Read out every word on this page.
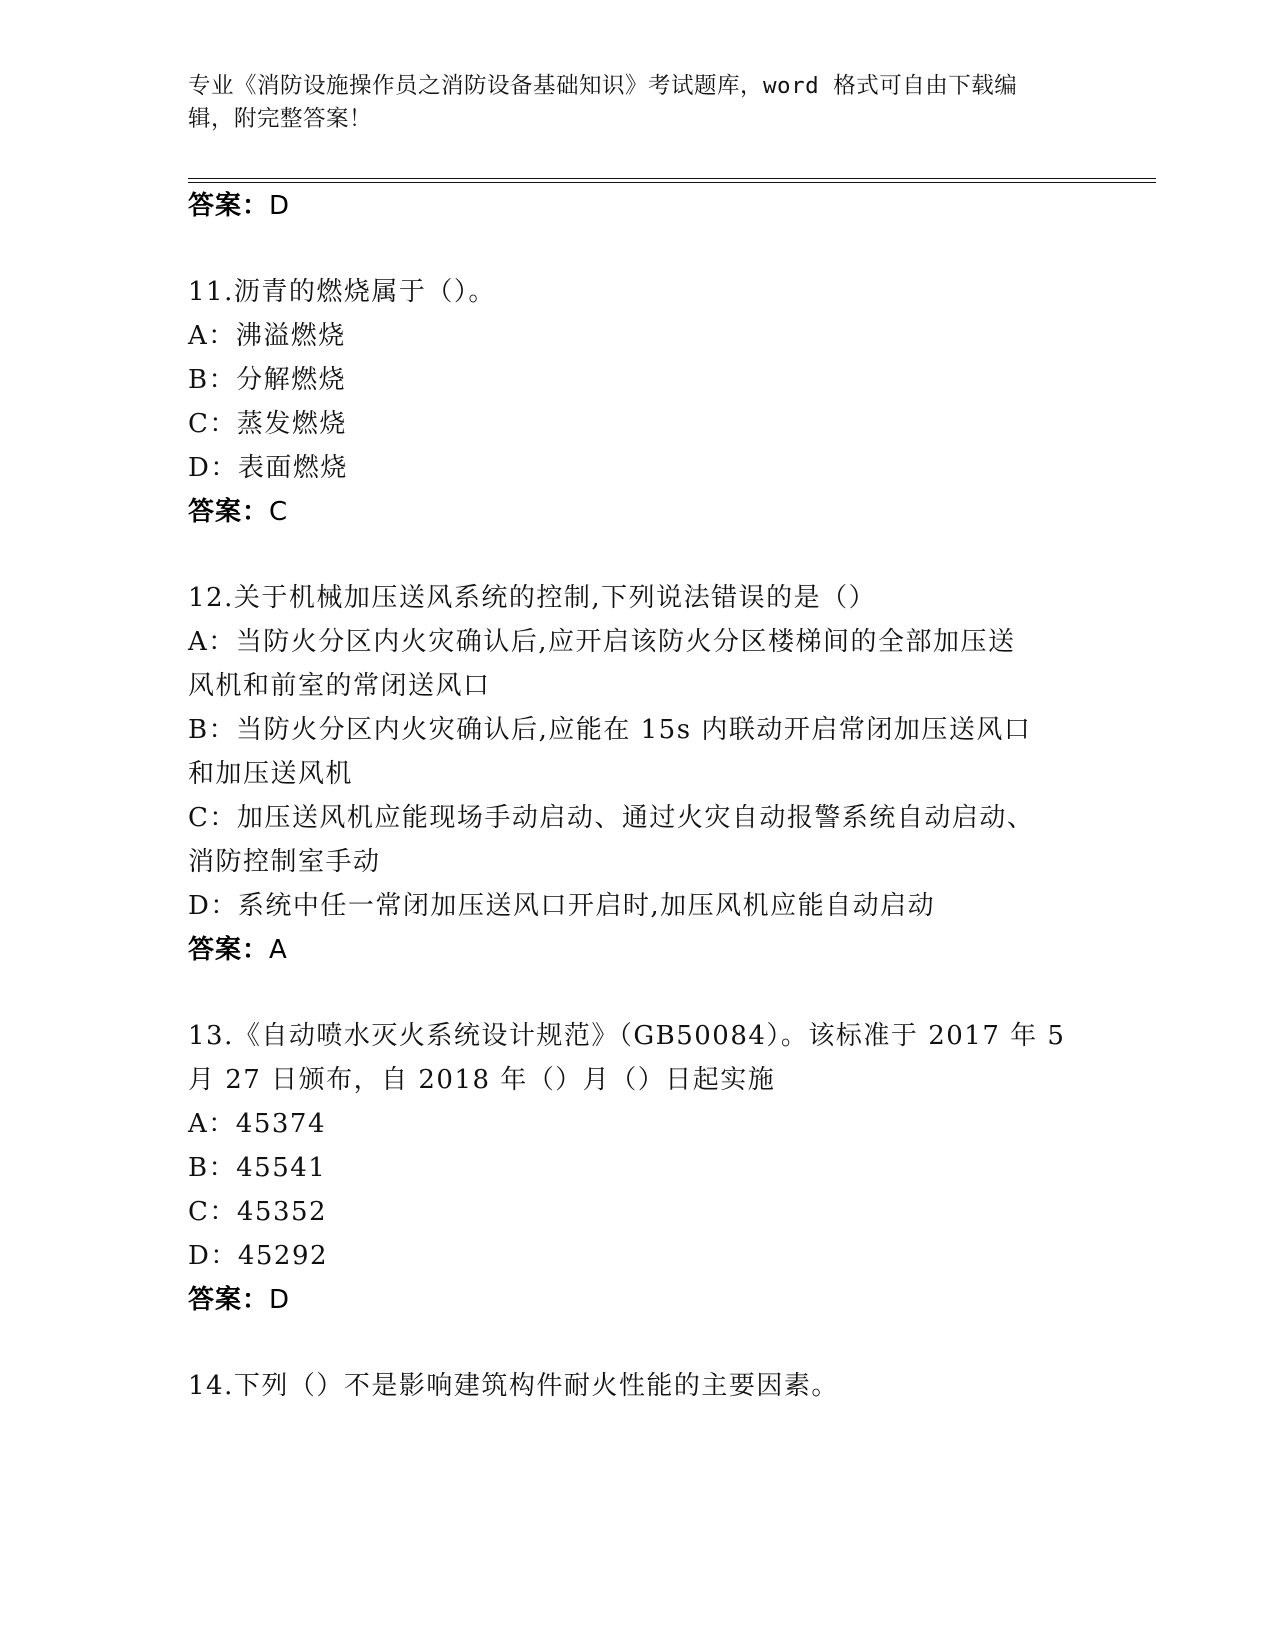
专业《消防设施操作员之消防设备基础知识》考试题库，word 格式可自由下载编
辑，附完整答案！
答案：D
11.沥青的燃烧属于（）。
A：沸溢燃烧
B：分解燃烧
C：蒸发燃烧
D：表面燃烧
答案：C
12.关于机械加压送风系统的控制,下列说法错误的是（）
A：当防火分区内火灾确认后,应开启该防火分区楼梯间的全部加压送
风机和前室的常闭送风口
B：当防火分区内火灾确认后,应能在 15s 内联动开启常闭加压送风口
和加压送风机
C：加压送风机应能现场手动启动、通过火灾自动报警系统自动启动、
消防控制室手动
D：系统中任一常闭加压送风口开启时,加压风机应能自动启动
答案：A
13.《自动喷水灭火系统设计规范》（GB50084）。该标准于 2017 年 5
月 27 日颁布，自 2018 年（）月（）日起实施
A：45374
B：45541
C：45352
D：45292
答案：D
14.下列（）不是影响建筑构件耐火性能的主要因素。
